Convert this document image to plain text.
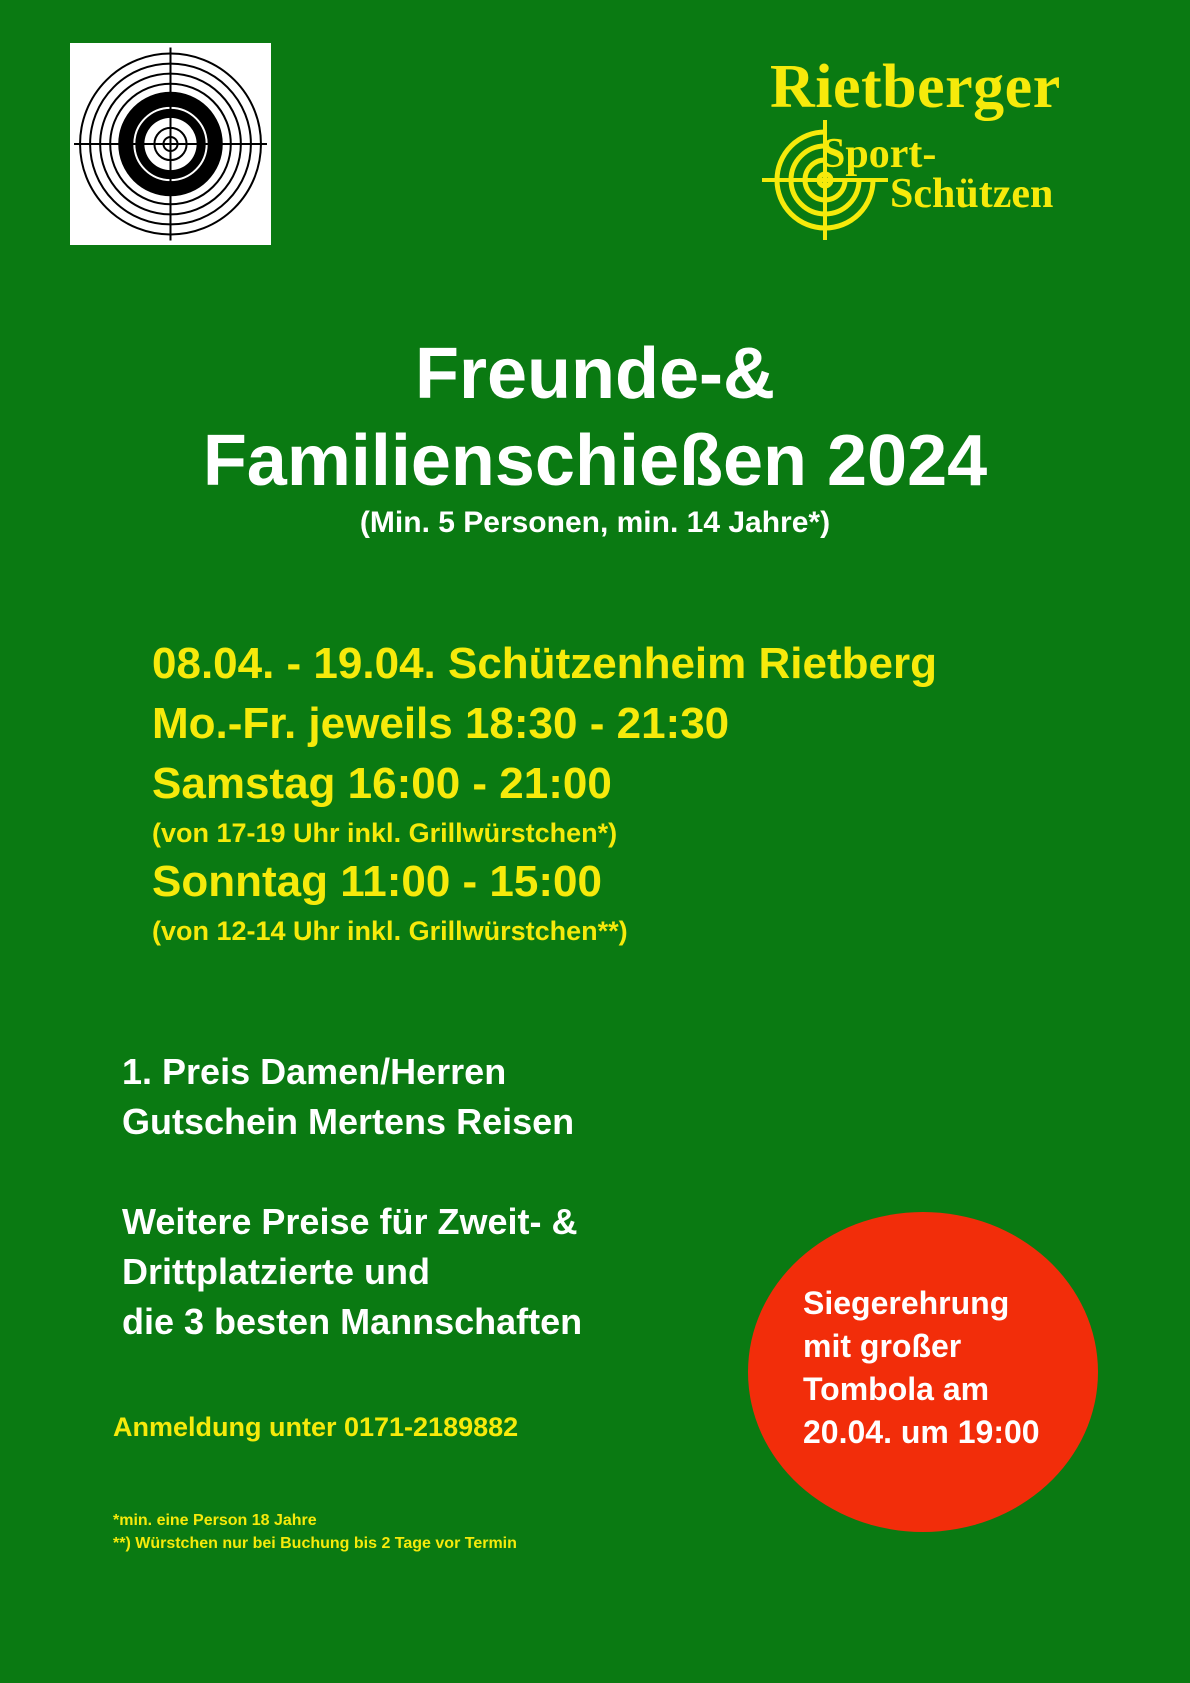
Rietberger
Sport-
Schützen
Freunde-&
Familienschießen 2024
(Min. 5 Personen, min. 14 Jahre*)
08.04. - 19.04. Schützenheim Rietberg
Mo.-Fr. jeweils 18:30 - 21:30
Samstag 16:00 - 21:00
(von 17-19 Uhr inkl. Grillwürstchen*)
Sonntag 11:00 - 15:00
(von 12-14 Uhr inkl. Grillwürstchen**)
1. Preis Damen/Herren
Gutschein Mertens Reisen
Weitere Preise für Zweit- &
Drittplatzierte und
die 3 besten Mannschaften
Anmeldung unter 0171-2189882
*min. eine Person 18 Jahre
**) Würstchen nur bei Buchung bis 2 Tage vor Termin
Siegerehrung
mit großer
Tombola am
20.04. um 19:00
